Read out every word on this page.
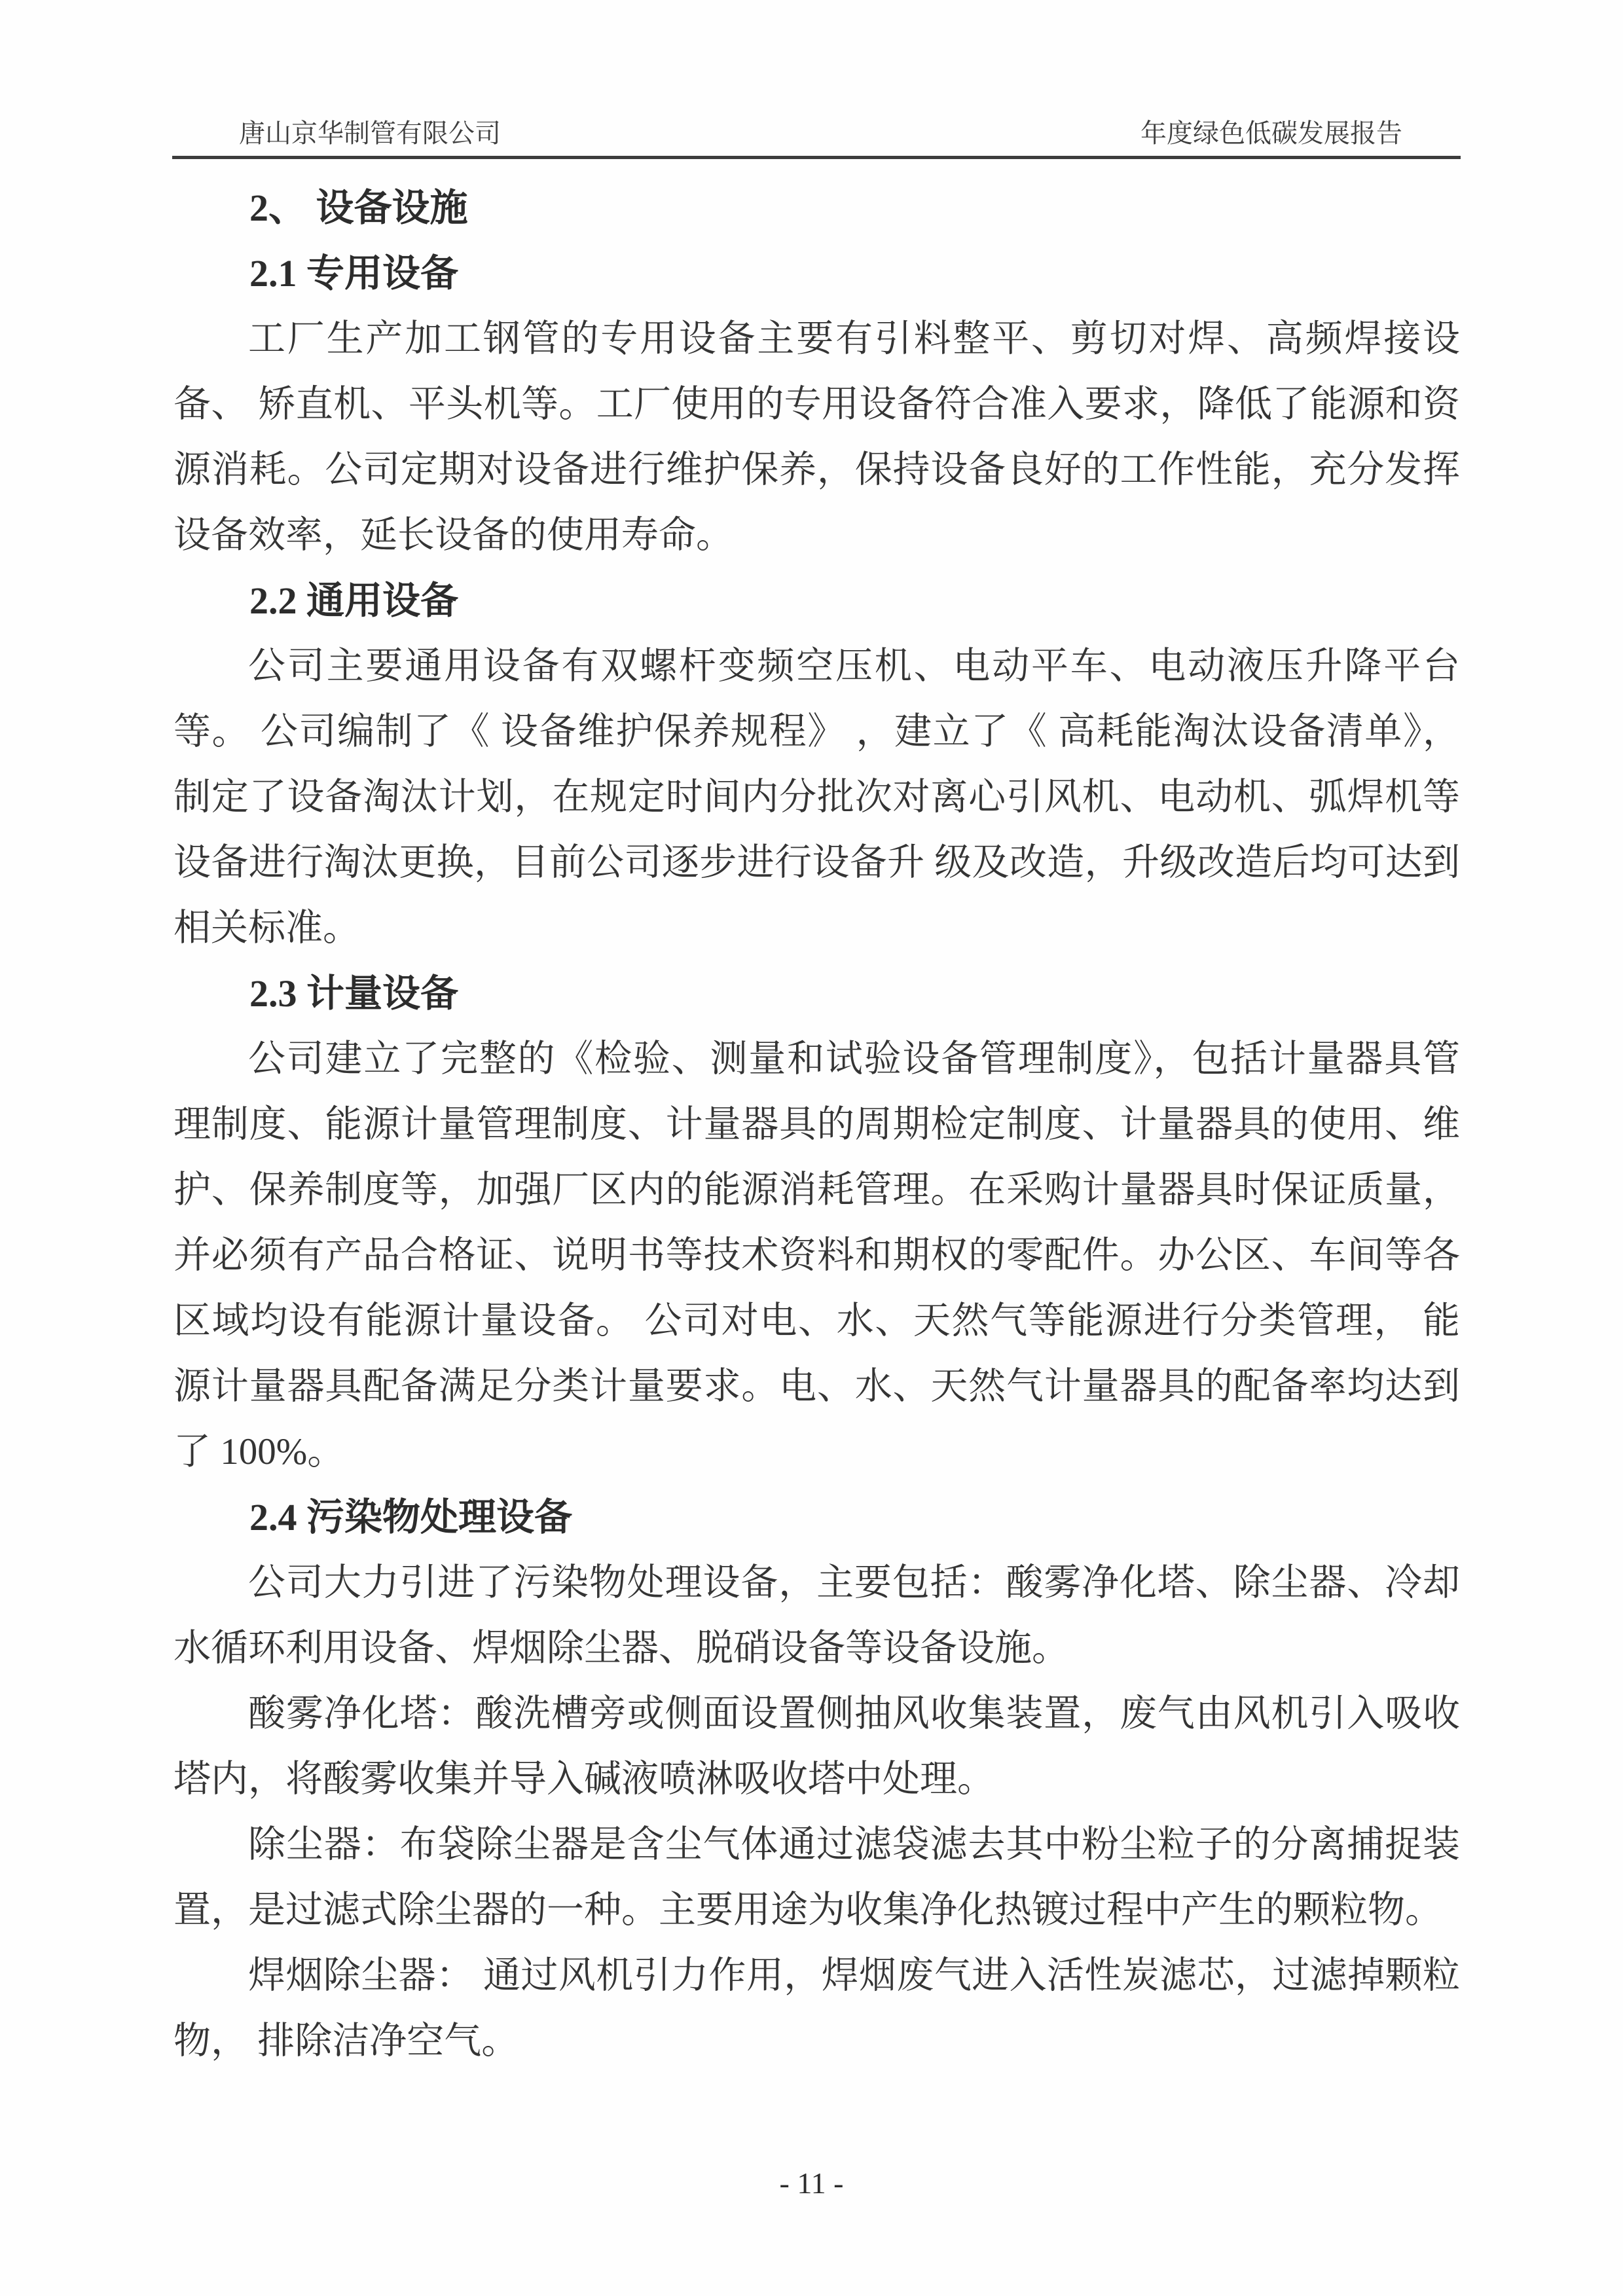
唐山京华制管有限公司	年度绿色低碳发展报告
2、 设备设施
2.1 专用设备

工厂生产加工钢管的专用设备主要有引料整平、剪切对焊、高频焊接设备、 矫直机、平头机等。工厂使用的专用设备符合准入要求，降低了能源和资源消耗。公司定期对设备进行维护保养，保持设备良好的工作性能，充分发挥设备效率，延长设备的使用寿命。

2.2 通用设备

公司主要通用设备有双螺杆变频空压机、电动平车、电动液压升降平台等。 公司编制了《 设备维护保养规程》 ，建立了《 高耗能淘汰设备清单》，制定了设备淘汰计划，在规定时间内分批次对离心引风机、电动机、弧焊机等设备进行淘汰更换，目前公司逐步进行设备升 级及改造，升级改造后均可达到相关标准。

2.3 计量设备

公司建立了完整的《检验、测量和试验设备管理制度》，包括计量器具管理制度、能源计量管理制度、计量器具的周期检定制度、计量器具的使用、维护、保养制度等，加强厂区内的能源消耗管理。在采购计量器具时保证质量，并必须有产品合格证、说明书等技术资料和期权的零配件。办公区、车间等各区域均设有能源计量设备。 公司对电、水、天然气等能源进行分类管理， 能源计量器具配备满足分类计量要求。电、水、天然气计量器具的配备率均达到了 100%。

2.4 污染物处理设备

公司大力引进了污染物处理设备，主要包括：酸雾净化塔、除尘器、冷却水循环利用设备、焊烟除尘器、脱硝设备等设备设施。

酸雾净化塔：酸洗槽旁或侧面设置侧抽风收集装置，废气由风机引入吸收塔内，将酸雾收集并导入碱液喷淋吸收塔中处理。

除尘器：布袋除尘器是含尘气体通过滤袋滤去其中粉尘粒子的分离捕捉装置，是过滤式除尘器的一种。主要用途为收集净化热镀过程中产生的颗粒物。

焊烟除尘器： 通过风机引力作用，焊烟废气进入活性炭滤芯，过滤掉颗粒物， 排除洁净空气。

- 11 -
